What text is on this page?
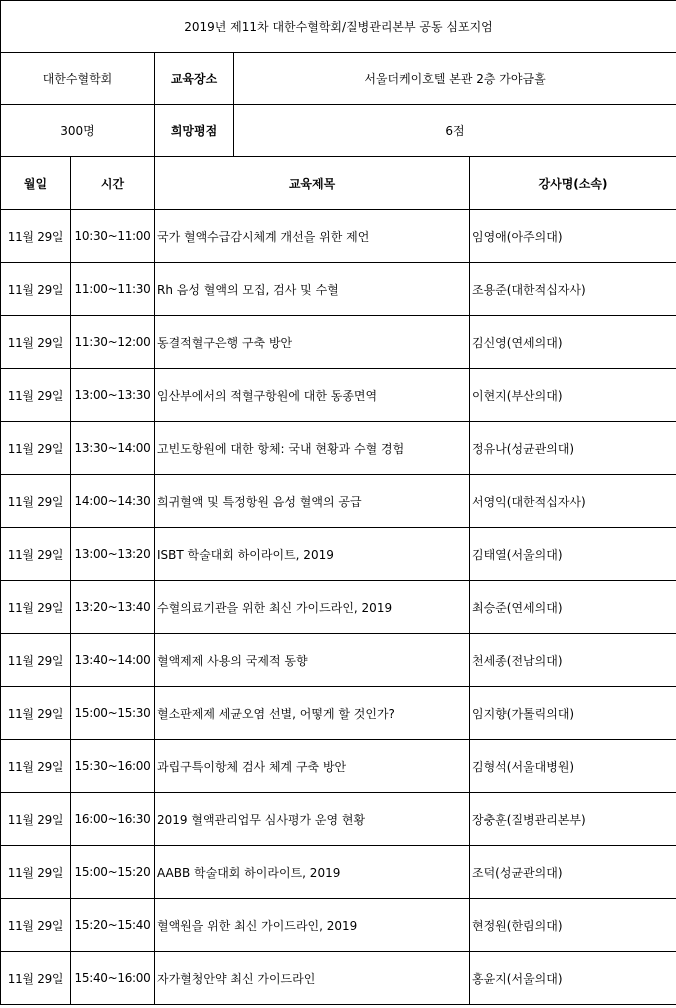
2019년 제11차 대한수혈학회/질병관리본부 공동 심포지엄				
대한수혈학회		교육장소	서울더케이호텔 본관 2층 가야금홀	
300명		희망평점	6점	
월일	시간	교육제목		강사명(소속)
11월 29일	10:30~11:00	국가 혈액수급감시체계 개선을 위한 제언		임영애(아주의대)
11월 29일	11:00~11:30	Rh 음성 혈액의 모집, 검사 및 수혈		조용준(대한적십자사)
11월 29일	11:30~12:00	동결적혈구은행 구축 방안		김신영(연세의대)
11월 29일	13:00~13:30	임산부에서의 적혈구항원에 대한 동종면역		이현지(부산의대)
11월 29일	13:30~14:00	고빈도항원에 대한 항체: 국내 현황과 수혈 경험		정유나(성균관의대)
11월 29일	14:00~14:30	희귀혈액 및 특정항원 음성 혈액의 공급		서영익(대한적십자사)
11월 29일	13:00~13:20	ISBT 학술대회 하이라이트, 2019		김태열(서울의대)
11월 29일	13:20~13:40	수혈의료기관을 위한 최신 가이드라인, 2019		최승준(연세의대)
11월 29일	13:40~14:00	혈액제제 사용의 국제적 동향		천세종(전남의대)
11월 29일	15:00~15:30	혈소판제제 세균오염 선별, 어떻게 할 것인가?		임지향(가톨릭의대)
11월 29일	15:30~16:00	과립구특이항체 검사 체계 구축 방안		김형석(서울대병원)
11월 29일	16:00~16:30	2019 혈액관리업무 심사평가 운영 현황		장충훈(질병관리본부)
11월 29일	15:00~15:20	AABB 학술대회 하이라이트, 2019		조덕(성균관의대)
11월 29일	15:20~15:40	혈액원을 위한 최신 가이드라인, 2019		현정원(한림의대)
11월 29일	15:40~16:00	자가혈청안약 최신 가이드라인		홍윤지(서울의대)
